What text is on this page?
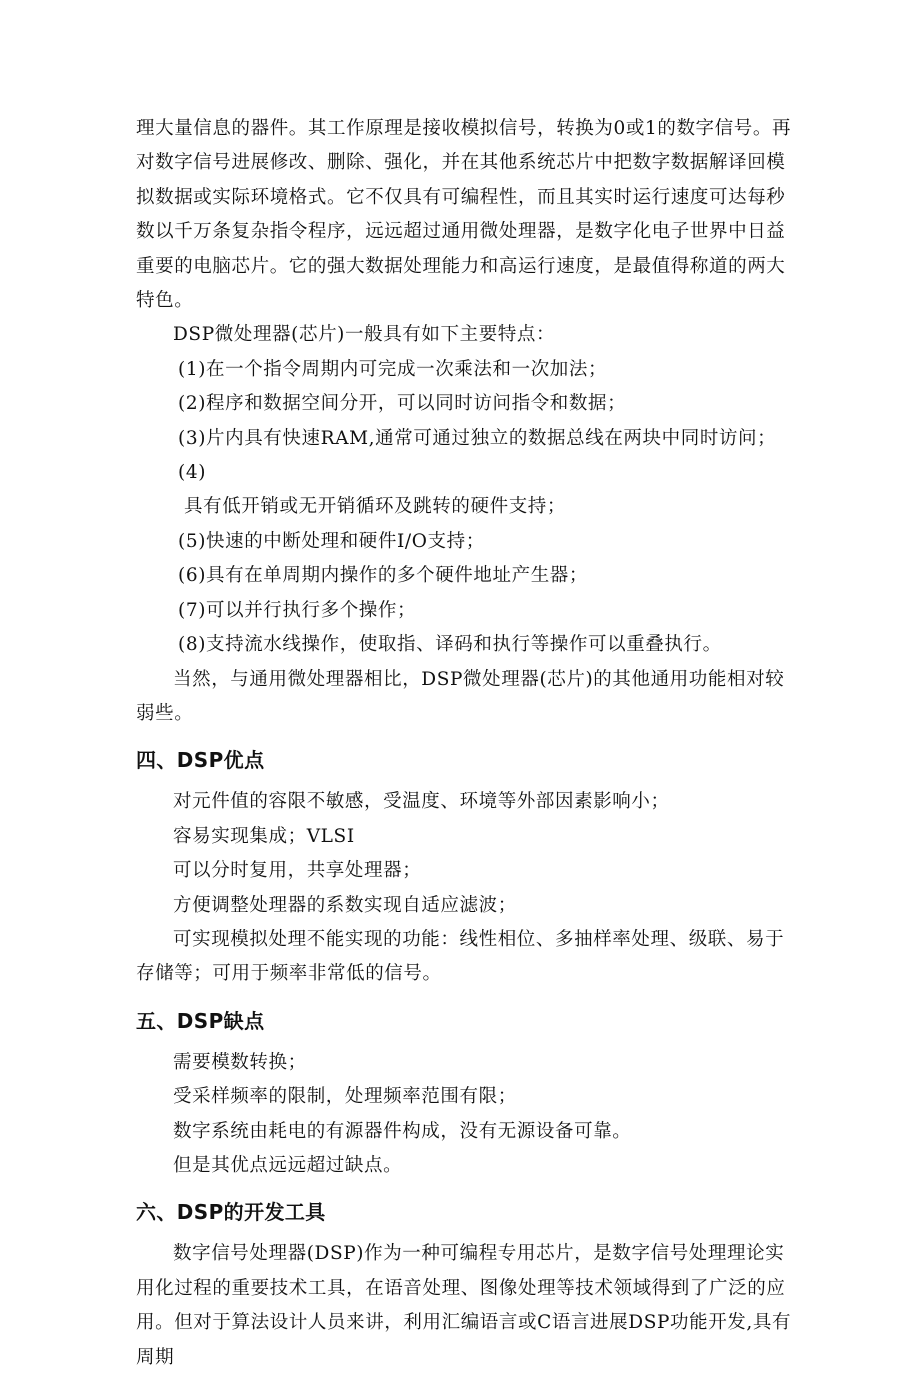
理大量信息的器件。其工作原理是接收模拟信号，转换为0或1的数字信号。再对数字信号进展修改、删除、强化，并在其他系统芯片中把数字数据解译回模拟数据或实际环境格式。它不仅具有可编程性，而且其实时运行速度可达每秒数以千万条复杂指令程序，远远超过通用微处理器，是数字化电子世界中日益重要的电脑芯片。它的强大数据处理能力和高运行速度，是最值得称道的两大特色。

DSP微处理器(芯片)一般具有如下主要特点：

(1)在一个指令周期内可完成一次乘法和一次加法；
(2)程序和数据空间分开，可以同时访问指令和数据；
(3)片内具有快速RAM,通常可通过独立的数据总线在两块中同时访问；(4)
具有低开销或无开销循环及跳转的硬件支持；
(5)快速的中断处理和硬件I/O支持；
(6)具有在单周期内操作的多个硬件地址产生器；
(7)可以并行执行多个操作；
(8)支持流水线操作，使取指、译码和执行等操作可以重叠执行。

当然，与通用微处理器相比，DSP微处理器(芯片)的其他通用功能相对较弱些。

四、DSP优点
对元件值的容限不敏感，受温度、环境等外部因素影响小；
容易实现集成；VLSI
可以分时复用，共享处理器；
方便调整处理器的系数实现自适应滤波；

可实现模拟处理不能实现的功能：线性相位、多抽样率处理、级联、易于存储等；可用于频率非常低的信号。

五、DSP缺点
需要模数转换；
受采样频率的限制，处理频率范围有限；
数字系统由耗电的有源器件构成，没有无源设备可靠。
但是其优点远远超过缺点。
六、DSP的开发工具

数字信号处理器(DSP)作为一种可编程专用芯片，是数字信号处理理论实用化过程的重要技术工具，在语音处理、图像处理等技术领域得到了广泛的应用。但对于算法设计人员来讲，利用汇编语言或C语言进展DSP功能开发,具有周期
